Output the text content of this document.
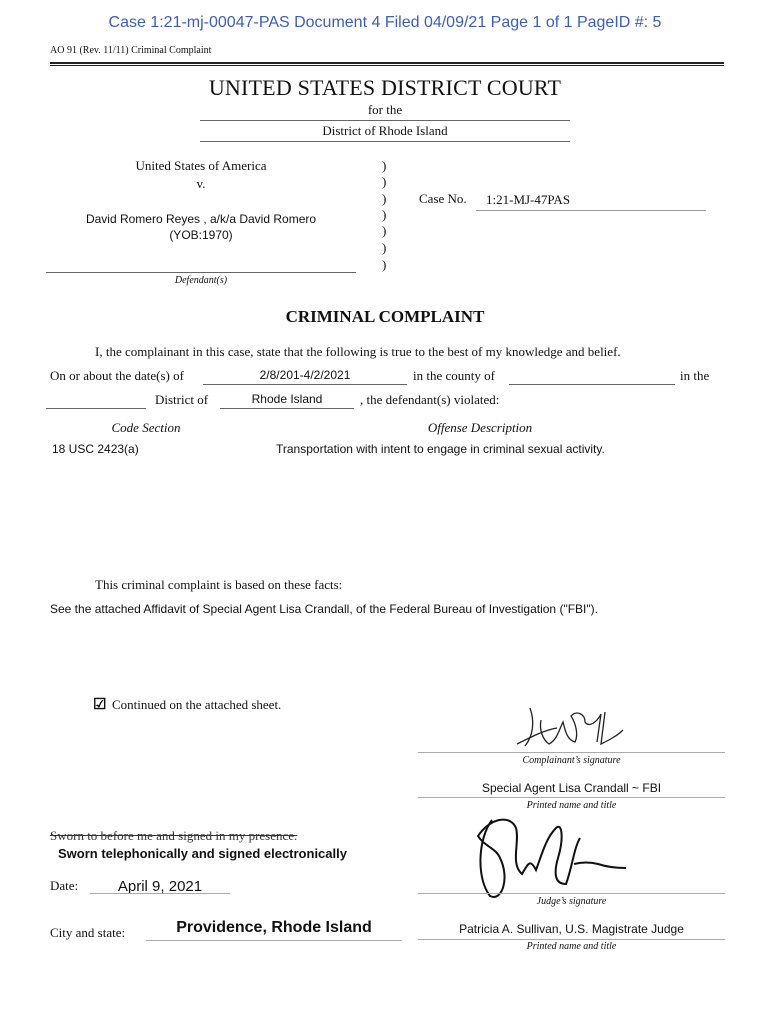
Case 1:21-mj-00047-PAS Document 4 Filed 04/09/21 Page 1 of 1 PageID #: 5
AO 91 (Rev. 11/11) Criminal Complaint
UNITED STATES DISTRICT COURT
for the
District of Rhode Island
United States of America
v.
David Romero Reyes , a/k/a David Romero
(YOB:1970)
Defendant(s)
)
)
)
)
)
)
)
Case No. 1:21-MJ-47PAS
CRIMINAL COMPLAINT
I, the complainant in this case, state that the following is true to the best of my knowledge and belief.
On or about the date(s) of	2/8/201-4/2/2021	in the county of	in the
District of	Rhode Island	, the defendant(s) violated:
Code Section	Offense Description
18 USC 2423(a)	Transportation with intent to engage in criminal sexual activity.
This criminal complaint is based on these facts:
See the attached Affidavit of Special Agent Lisa Crandall, of the Federal Bureau of Investigation ("FBI").
☑ Continued on the attached sheet.
Complainant’s signature
Special Agent Lisa Crandall ~ FBI
Printed name and title
Sworn to before me and signed in my presence.
Sworn telephonically and signed electronically
Date:	April 9, 2021
Judge’s signature
City and state:	Providence, Rhode Island	Patricia A. Sullivan, U.S. Magistrate Judge
Printed name and title
